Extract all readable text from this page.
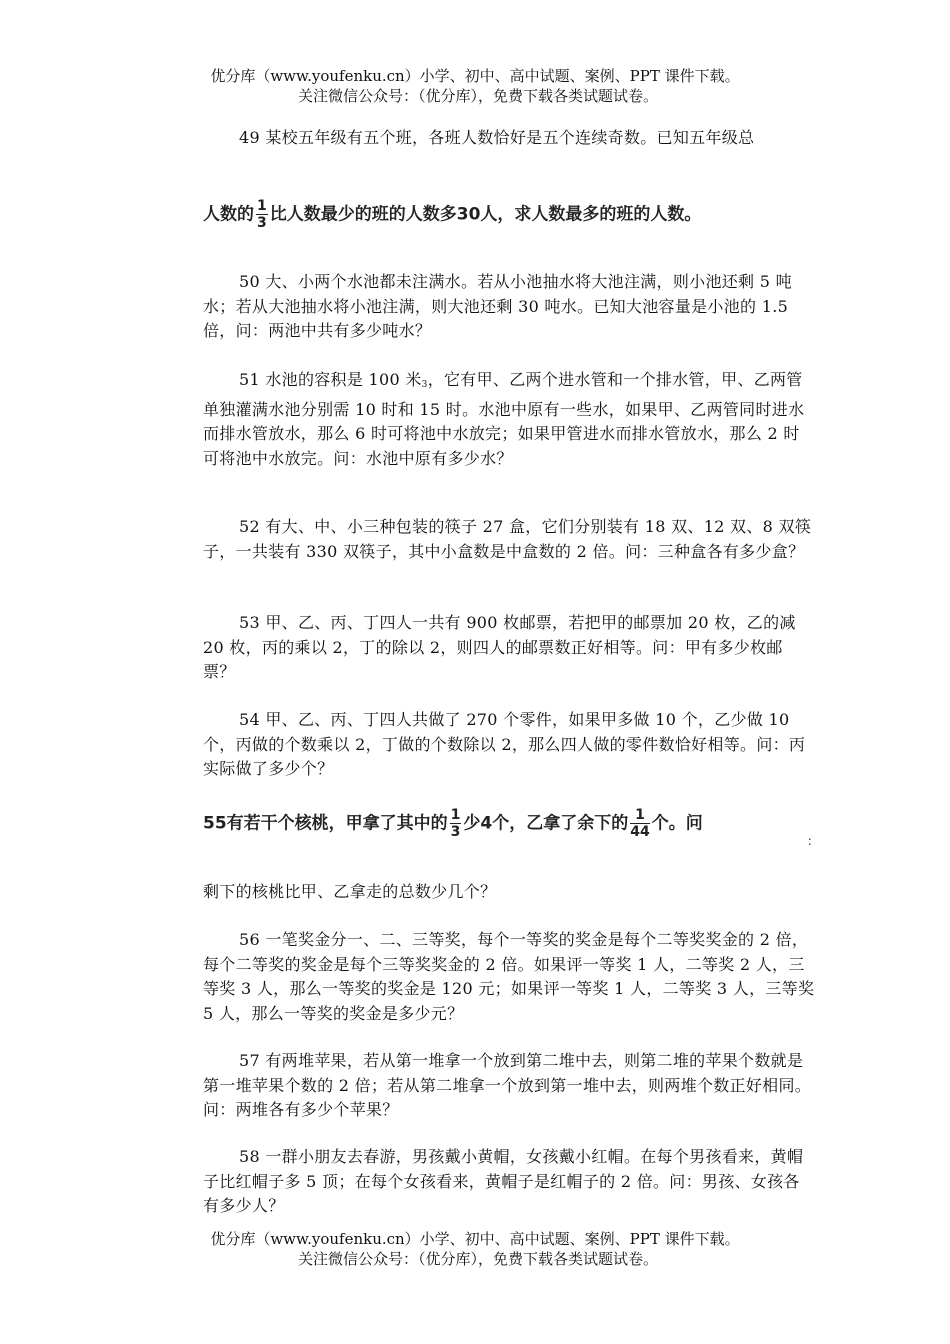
优分库（www.youfenku.cn）小学、初中、高中试题、案例、PPT 课件下载。
关注微信公众号：（优分库），免费下载各类试题试卷。

49 某校五年级有五个班，各班人数恰好是五个连续奇数。已知五年级总

人数的 $\frac{1}{3}$ 比人数最少的班的人数多30人，求人数最多的班的人数。

50 大、小两个水池都未注满水。若从小池抽水将大池注满，则小池还剩 5 吨水；若从大池抽水将小池注满，则大池还剩 30 吨水。已知大池容量是小池的 1.5 倍，问：两池中共有多少吨水？

51 水池的容积是 100 米$^3$，它有甲、乙两个进水管和一个排水管，甲、乙两管单独灌满水池分别需 10 时和 15 时。水池中原有一些水，如果甲、乙两管同时进水而排水管放水，那么 6 时可将池中水放完；如果甲管进水而排水管放水，那么 2 时可将池中水放完。问：水池中原有多少水？

52 有大、中、小三种包装的筷子 27 盒，它们分别装有 18 双、12 双、8 双筷子，一共装有 330 双筷子，其中小盒数是中盒数的 2 倍。问：三种盒各有多少盒？

53 甲、乙、丙、丁四人一共有 900 枚邮票，若把甲的邮票加 20 枚，乙的减 20 枚，丙的乘以 2，丁的除以 2，则四人的邮票数正好相等。问：甲有多少枚邮票？

54 甲、乙、丙、丁四人共做了 270 个零件，如果甲多做 10 个，乙少做 10 个，丙做的个数乘以 2，丁做的个数除以 2，那么四人做的零件数恰好相等。问：丙实际做了多少个？

55有若干个核桃，甲拿了其中的 $\frac{1}{3}$ 少4个，乙拿了余下的 $\frac{1}{44}$ 个。问
：

剩下的核桃比甲、乙拿走的总数少几个？

56 一笔奖金分一、二、三等奖，每个一等奖的奖金是每个二等奖奖金的 2 倍，每个二等奖的奖金是每个三等奖奖金的 2 倍。如果评一等奖 1 人，二等奖 2 人，三等奖 3 人，那么一等奖的奖金是 120 元；如果评一等奖 1 人，二等奖 3 人，三等奖 5 人，那么一等奖的奖金是多少元？

57 有两堆苹果，若从第一堆拿一个放到第二堆中去，则第二堆的苹果个数就是第一堆苹果个数的 2 倍；若从第二堆拿一个放到第一堆中去，则两堆个数正好相同。问：两堆各有多少个苹果？

58 一群小朋友去春游，男孩戴小黄帽，女孩戴小红帽。在每个男孩看来，黄帽子比红帽子多 5 顶；在每个女孩看来，黄帽子是红帽子的 2 倍。问：男孩、女孩各有多少人？

优分库（www.youfenku.cn）小学、初中、高中试题、案例、PPT 课件下载。
关注微信公众号：（优分库），免费下载各类试题试卷。
